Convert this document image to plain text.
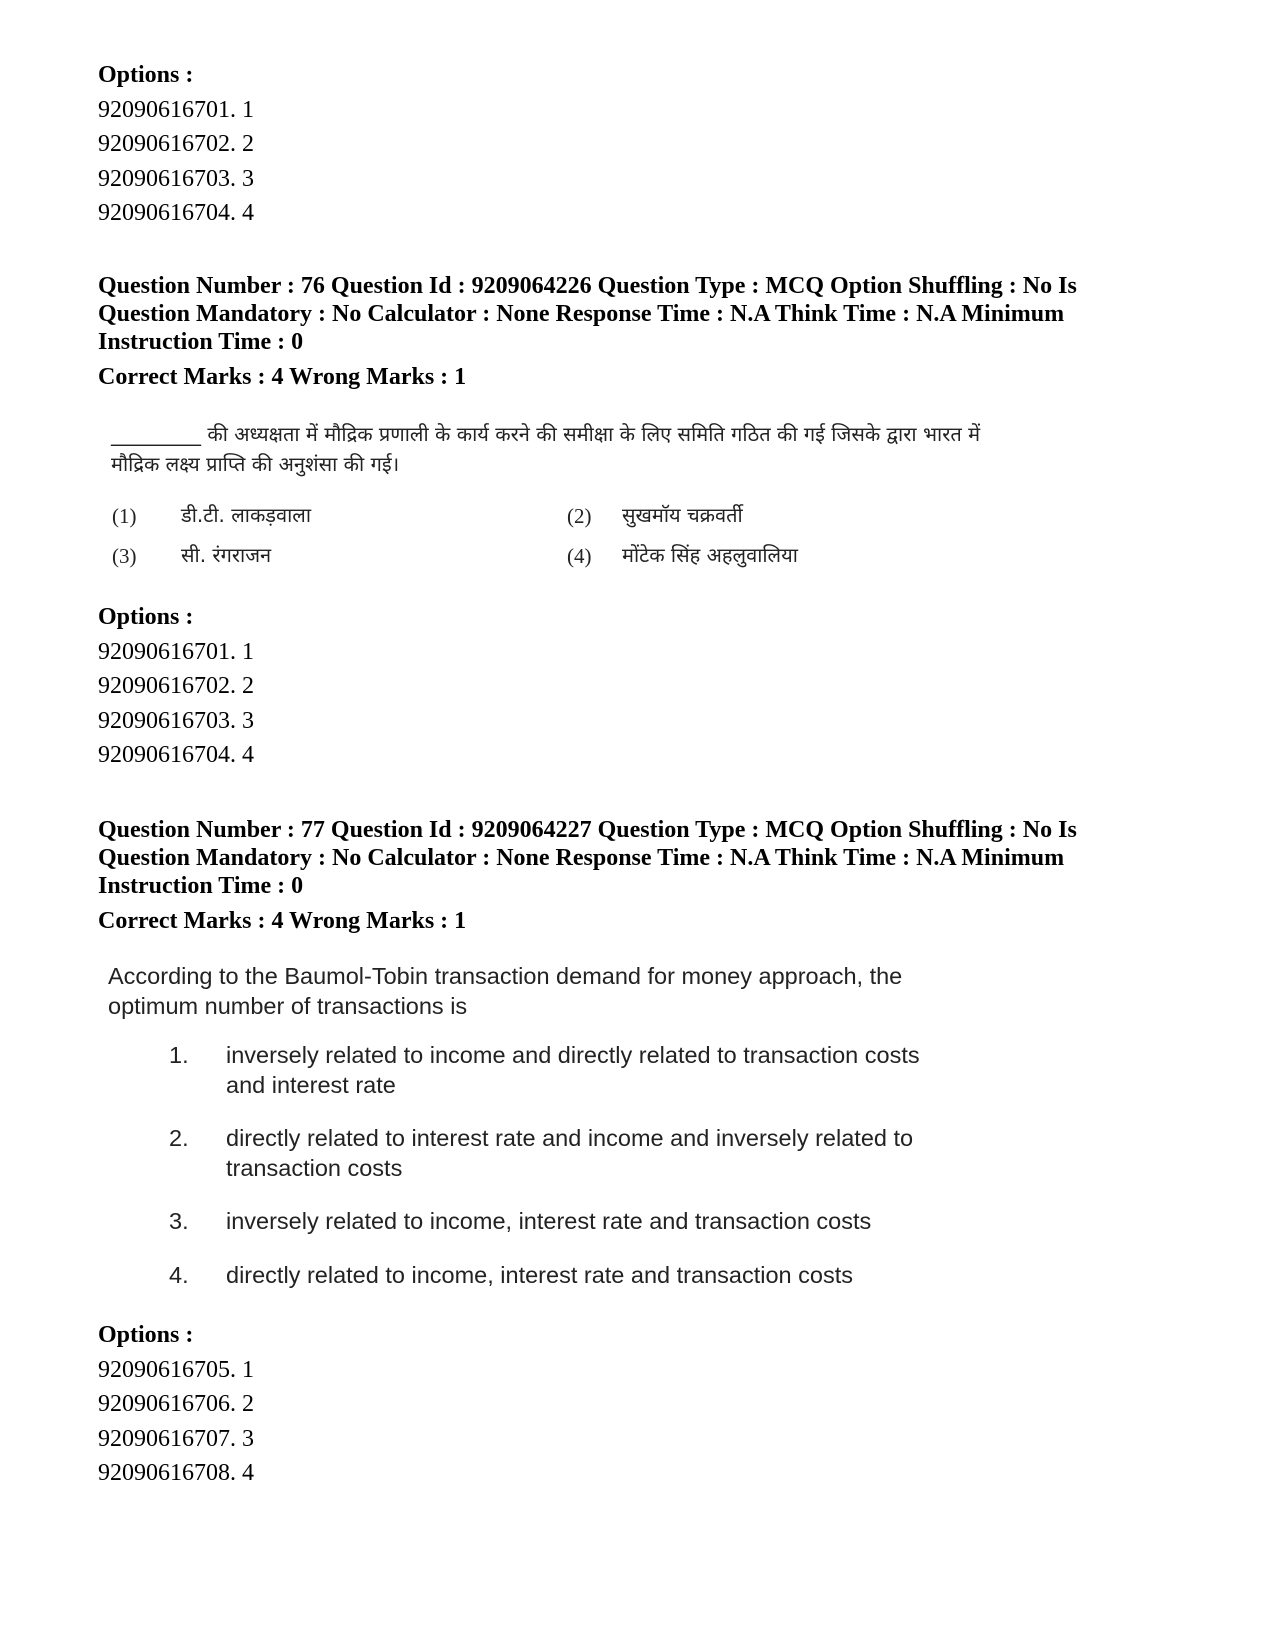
Options :
92090616701. 1
92090616702. 2
92090616703. 3
92090616704. 4
Question Number : 76 Question Id : 9209064226 Question Type : MCQ Option Shuffling : No Is
Question Mandatory : No Calculator : None Response Time : N.A Think Time : N.A Minimum
Instruction Time : 0
Correct Marks : 4 Wrong Marks : 1
_________ की अध्यक्षता में मौद्रिक प्रणाली के कार्य करने की समीक्षा के लिए समिति गठित की गई जिसके द्वारा भारत में
मौद्रिक लक्ष्य प्राप्ति की अनुशंसा की गई।
(1) डी.टी. लाकड़वाला	(2) सुखमॉय चक्रवर्ती
(3) सी. रंगराजन	(4) मोंटेक सिंह अहलुवालिया
Options :
92090616701. 1
92090616702. 2
92090616703. 3
92090616704. 4
Question Number : 77 Question Id : 9209064227 Question Type : MCQ Option Shuffling : No Is
Question Mandatory : No Calculator : None Response Time : N.A Think Time : N.A Minimum
Instruction Time : 0
Correct Marks : 4 Wrong Marks : 1
According to the Baumol-Tobin transaction demand for money approach, the
optimum number of transactions is
1. inversely related to income and directly related to transaction costs
and interest rate
2. directly related to interest rate and income and inversely related to
transaction costs
3. inversely related to income, interest rate and transaction costs
4. directly related to income, interest rate and transaction costs
Options :
92090616705. 1
92090616706. 2
92090616707. 3
92090616708. 4
